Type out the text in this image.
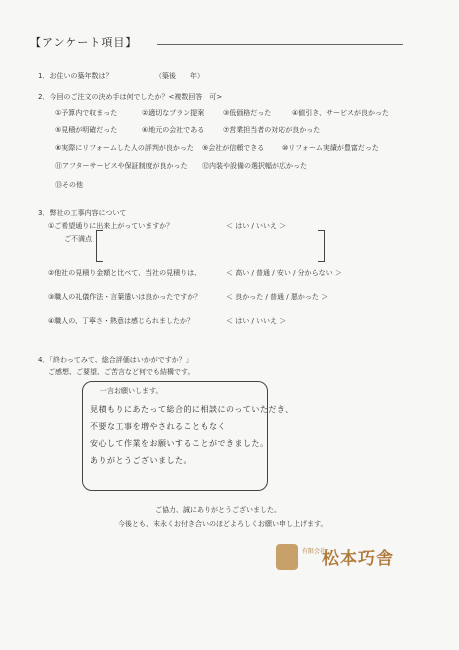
【アンケート項目】
1．お住いの築年数は？	（築後　　年）
2．今回のご注文の決め手は何でしたか？<複数回答　可>
①予算内で収まった	②適切なプラン提案	③低価格だった	④値引き、サービスが良かった
⑤見積が明確だった	⑥地元の会社である	⑦営業担当者の対応が良かった
⑧実際にリフォームした人の評判が良かった ⑨会社が信頼できる	⑩リフォーム実績が豊富だった
⑪アフターサービスや保証制度が良かった ⑫内装や設備の選択幅が広かった
⑬その他
3．弊社の工事内容について
①ご希望通りに出来上がっていますか？	＜ はい / いいえ ＞
ご不満点
②他社の見積り金額と比べて、当社の見積りは、	＜ 高い / 普通 / 安い / 分からない ＞
③職人の礼儀作法・言葉遣いは良かったですか？	＜ 良かった / 普通 / 悪かった ＞
④職人の、丁寧さ・熱意は感じられましたか？	＜ はい / いいえ ＞
4．「終わってみて、総合評価はいかがですか？」
ご感想、ご要望、ご苦言など何でも結構です。
一言お願いします。
見積もりにあたって総合的に相談にのっていただき、
不要な工事を増やされることもなく
安心して作業をお願いすることができました。
ありがとうございました。
ご協力、誠にありがとうございました。
今後とも、末永くお付き合いのほどよろしくお願い申し上げます。
有限会社
松本巧舎
